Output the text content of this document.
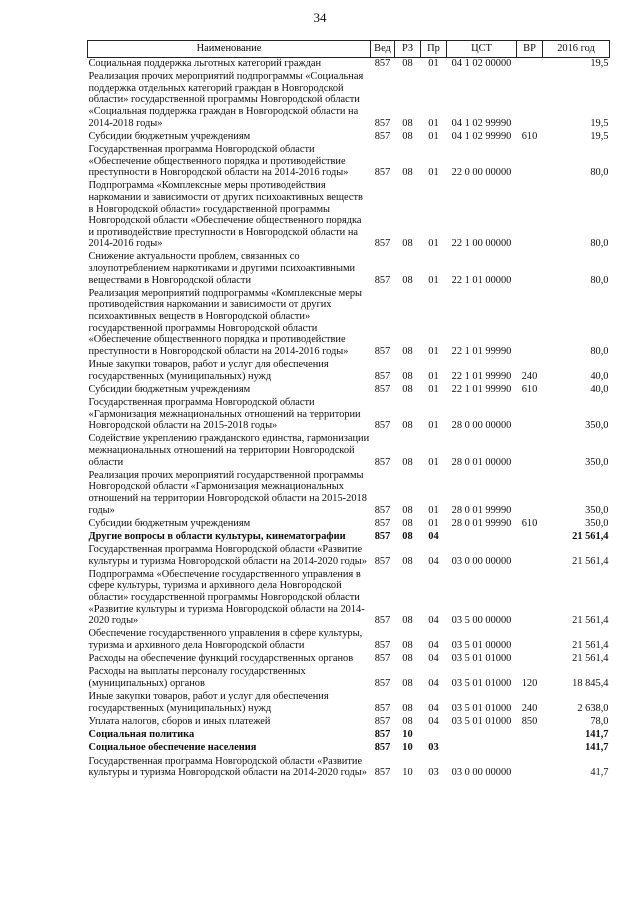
34
Наименование	Вед	РЗ	Пр	ЦСТ	ВР	2016 год
Социальная поддержка льготных категорий граждан	857	08	01	04 1 02 00000		19,5
Реализация прочих мероприятий подпрограммы «Социальная поддержка отдельных категорий граждан в Новгородской области» государственной программы Новгородской области «Социальная поддержка граждан в Новгородской области на 2014-2018 годы»	857	08	01	04 1 02 99990		19,5
Субсидии бюджетным учреждениям	857	08	01	04 1 02 99990	610	19,5
Государственная программа Новгородской области «Обеспечение общественного порядка и противодействие преступности в Новгородской области на 2014-2016 годы»	857	08	01	22 0 00 00000		80,0
Подпрограмма «Комплексные меры противодействия наркомании и зависимости от других психоактивных веществ в Новгородской области» государственной программы Новгородской области «Обеспечение общественного порядка и противодействие преступности в Новгородской области на 2014-2016 годы»	857	08	01	22 1 00 00000		80,0
Снижение актуальности проблем, связанных со злоупотреблением наркотиками и другими психоактивными веществами в Новгородской области	857	08	01	22 1 01 00000		80,0
Реализация мероприятий подпрограммы «Комплексные меры противодействия наркомании и зависимости от других психоактивных веществ в Новгородской области» государственной программы Новгородской области «Обеспечение общественного порядка и противодействие преступности в Новгородской области на 2014-2016 годы»	857	08	01	22 1 01 99990		80,0
Иные закупки товаров, работ и услуг для обеспечения государственных (муниципальных) нужд	857	08	01	22 1 01 99990	240	40,0
Субсидии бюджетным учреждениям	857	08	01	22 1 01 99990	610	40,0
Государственная программа Новгородской области «Гармонизация межнациональных отношений на территории Новгородской области на 2015-2018 годы»	857	08	01	28 0 00 00000		350,0
Содействие укреплению гражданского единства, гармонизации межнациональных отношений на территории Новгородской области	857	08	01	28 0 01 00000		350,0
Реализация прочих мероприятий государственной программы Новгородской области «Гармонизация межнациональных отношений на территории Новгородской области на 2015-2018 годы»	857	08	01	28 0 01 99990		350,0
Субсидии бюджетным учреждениям	857	08	01	28 0 01 99990	610	350,0
Другие вопросы в области культуры, кинематографии	857	08	04			21 561,4
Государственная программа Новгородской области «Развитие культуры и туризма Новгородской области на 2014-2020 годы»	857	08	04	03 0 00 00000		21 561,4
Подпрограмма «Обеспечение государственного управления в сфере культуры, туризма и архивного дела Новгородской области» государственной программы Новгородской области «Развитие культуры и туризма Новгородской области на 2014-2020 годы»	857	08	04	03 5 00 00000		21 561,4
Обеспечение государственного управления в сфере культуры, туризма и архивного дела Новгородской области	857	08	04	03 5 01 00000		21 561,4
Расходы на обеспечение функций государственных органов	857	08	04	03 5 01 01000		21 561,4
Расходы на выплаты персоналу государственных (муниципальных) органов	857	08	04	03 5 01 01000	120	18 845,4
Иные закупки товаров, работ и услуг для обеспечения государственных (муниципальных) нужд	857	08	04	03 5 01 01000	240	2 638,0
Уплата налогов, сборов и иных платежей	857	08	04	03 5 01 01000	850	78,0
Социальная политика	857	10				141,7
Социальное обеспечение населения	857	10	03			141,7
Государственная программа Новгородской области «Развитие культуры и туризма Новгородской области на 2014-2020 годы»	857	10	03	03 0 00 00000		41,7
